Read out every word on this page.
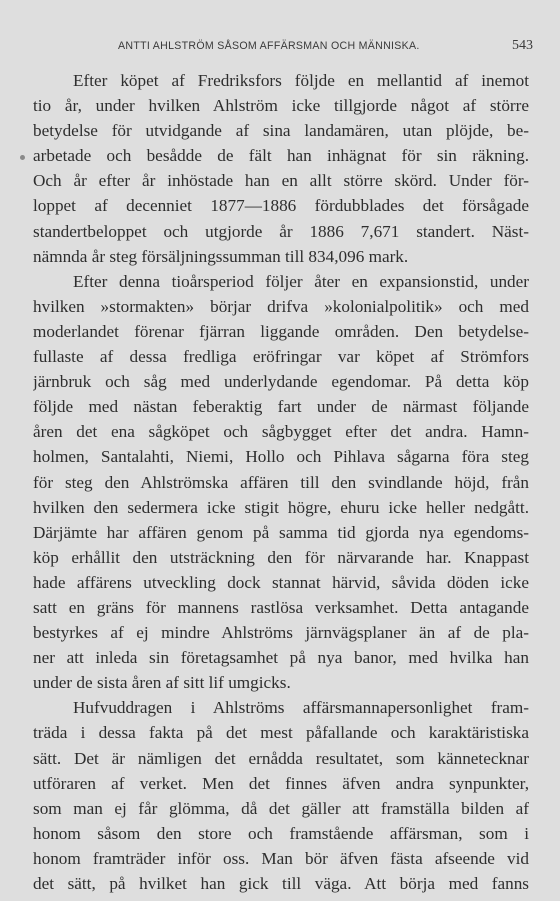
ANTTI AHLSTRÖM SÅSOM AFFÄRSMAN OCH MÄNNISKA.	543
Efter köpet af Fredriksfors följde en mellantid af inemot
tio år, under hvilken Ahlström icke tillgjorde något af större
betydelse för utvidgande af sina landamären, utan plöjde, be-
arbetade och besådde de fält han inhägnat för sin räkning.
Och år efter år inhöstade han en allt större skörd. Under för-
loppet af decenniet 1877—1886 fördubblades det försågade
standertbeloppet och utgjorde år 1886 7,671 standert. Näst-
nämnda år steg försäljningssumman till 834,096 mark.
Efter denna tioårsperiod följer åter en expansionstid, under
hvilken »stormakten» börjar drifva »kolonialpolitik» och med
moderlandet förenar fjärran liggande områden. Den betydelse-
fullaste af dessa fredliga eröfringar var köpet af Strömfors
järnbruk och såg med underlydande egendomar. På detta köp
följde med nästan feberaktig fart under de närmast följande
åren det ena sågköpet och sågbygget efter det andra. Hamn-
holmen, Santalahti, Niemi, Hollo och Pihlava sågarna föra steg
för steg den Ahlströmska affären till den svindlande höjd, från
hvilken den sedermera icke stigit högre, ehuru icke heller nedgått.
Därjämte har affären genom på samma tid gjorda nya egendoms-
köp erhållit den utsträckning den för närvarande har. Knappast
hade affärens utveckling dock stannat härvid, såvida döden icke
satt en gräns för mannens rastlösa verksamhet. Detta antagande
bestyrkes af ej mindre Ahlströms järnvägsplaner än af de pla-
ner att inleda sin företagsamhet på nya banor, med hvilka han
under de sista åren af sitt lif umgicks.
Hufvuddragen i Ahlströms affärsmannapersonlighet fram-
träda i dessa fakta på det mest påfallande och karaktäristiska
sätt. Det är nämligen det ernådda resultatet, som kännetecknar
utföraren af verket. Men det finnes äfven andra synpunkter,
som man ej får glömma, då det gäller att framställa bilden af
honom såsom den store och framstående affärsman, som i
honom framträder inför oss. Man bör äfven fästa afseende vid
det sätt, på hvilket han gick till väga. Att börja med fanns
